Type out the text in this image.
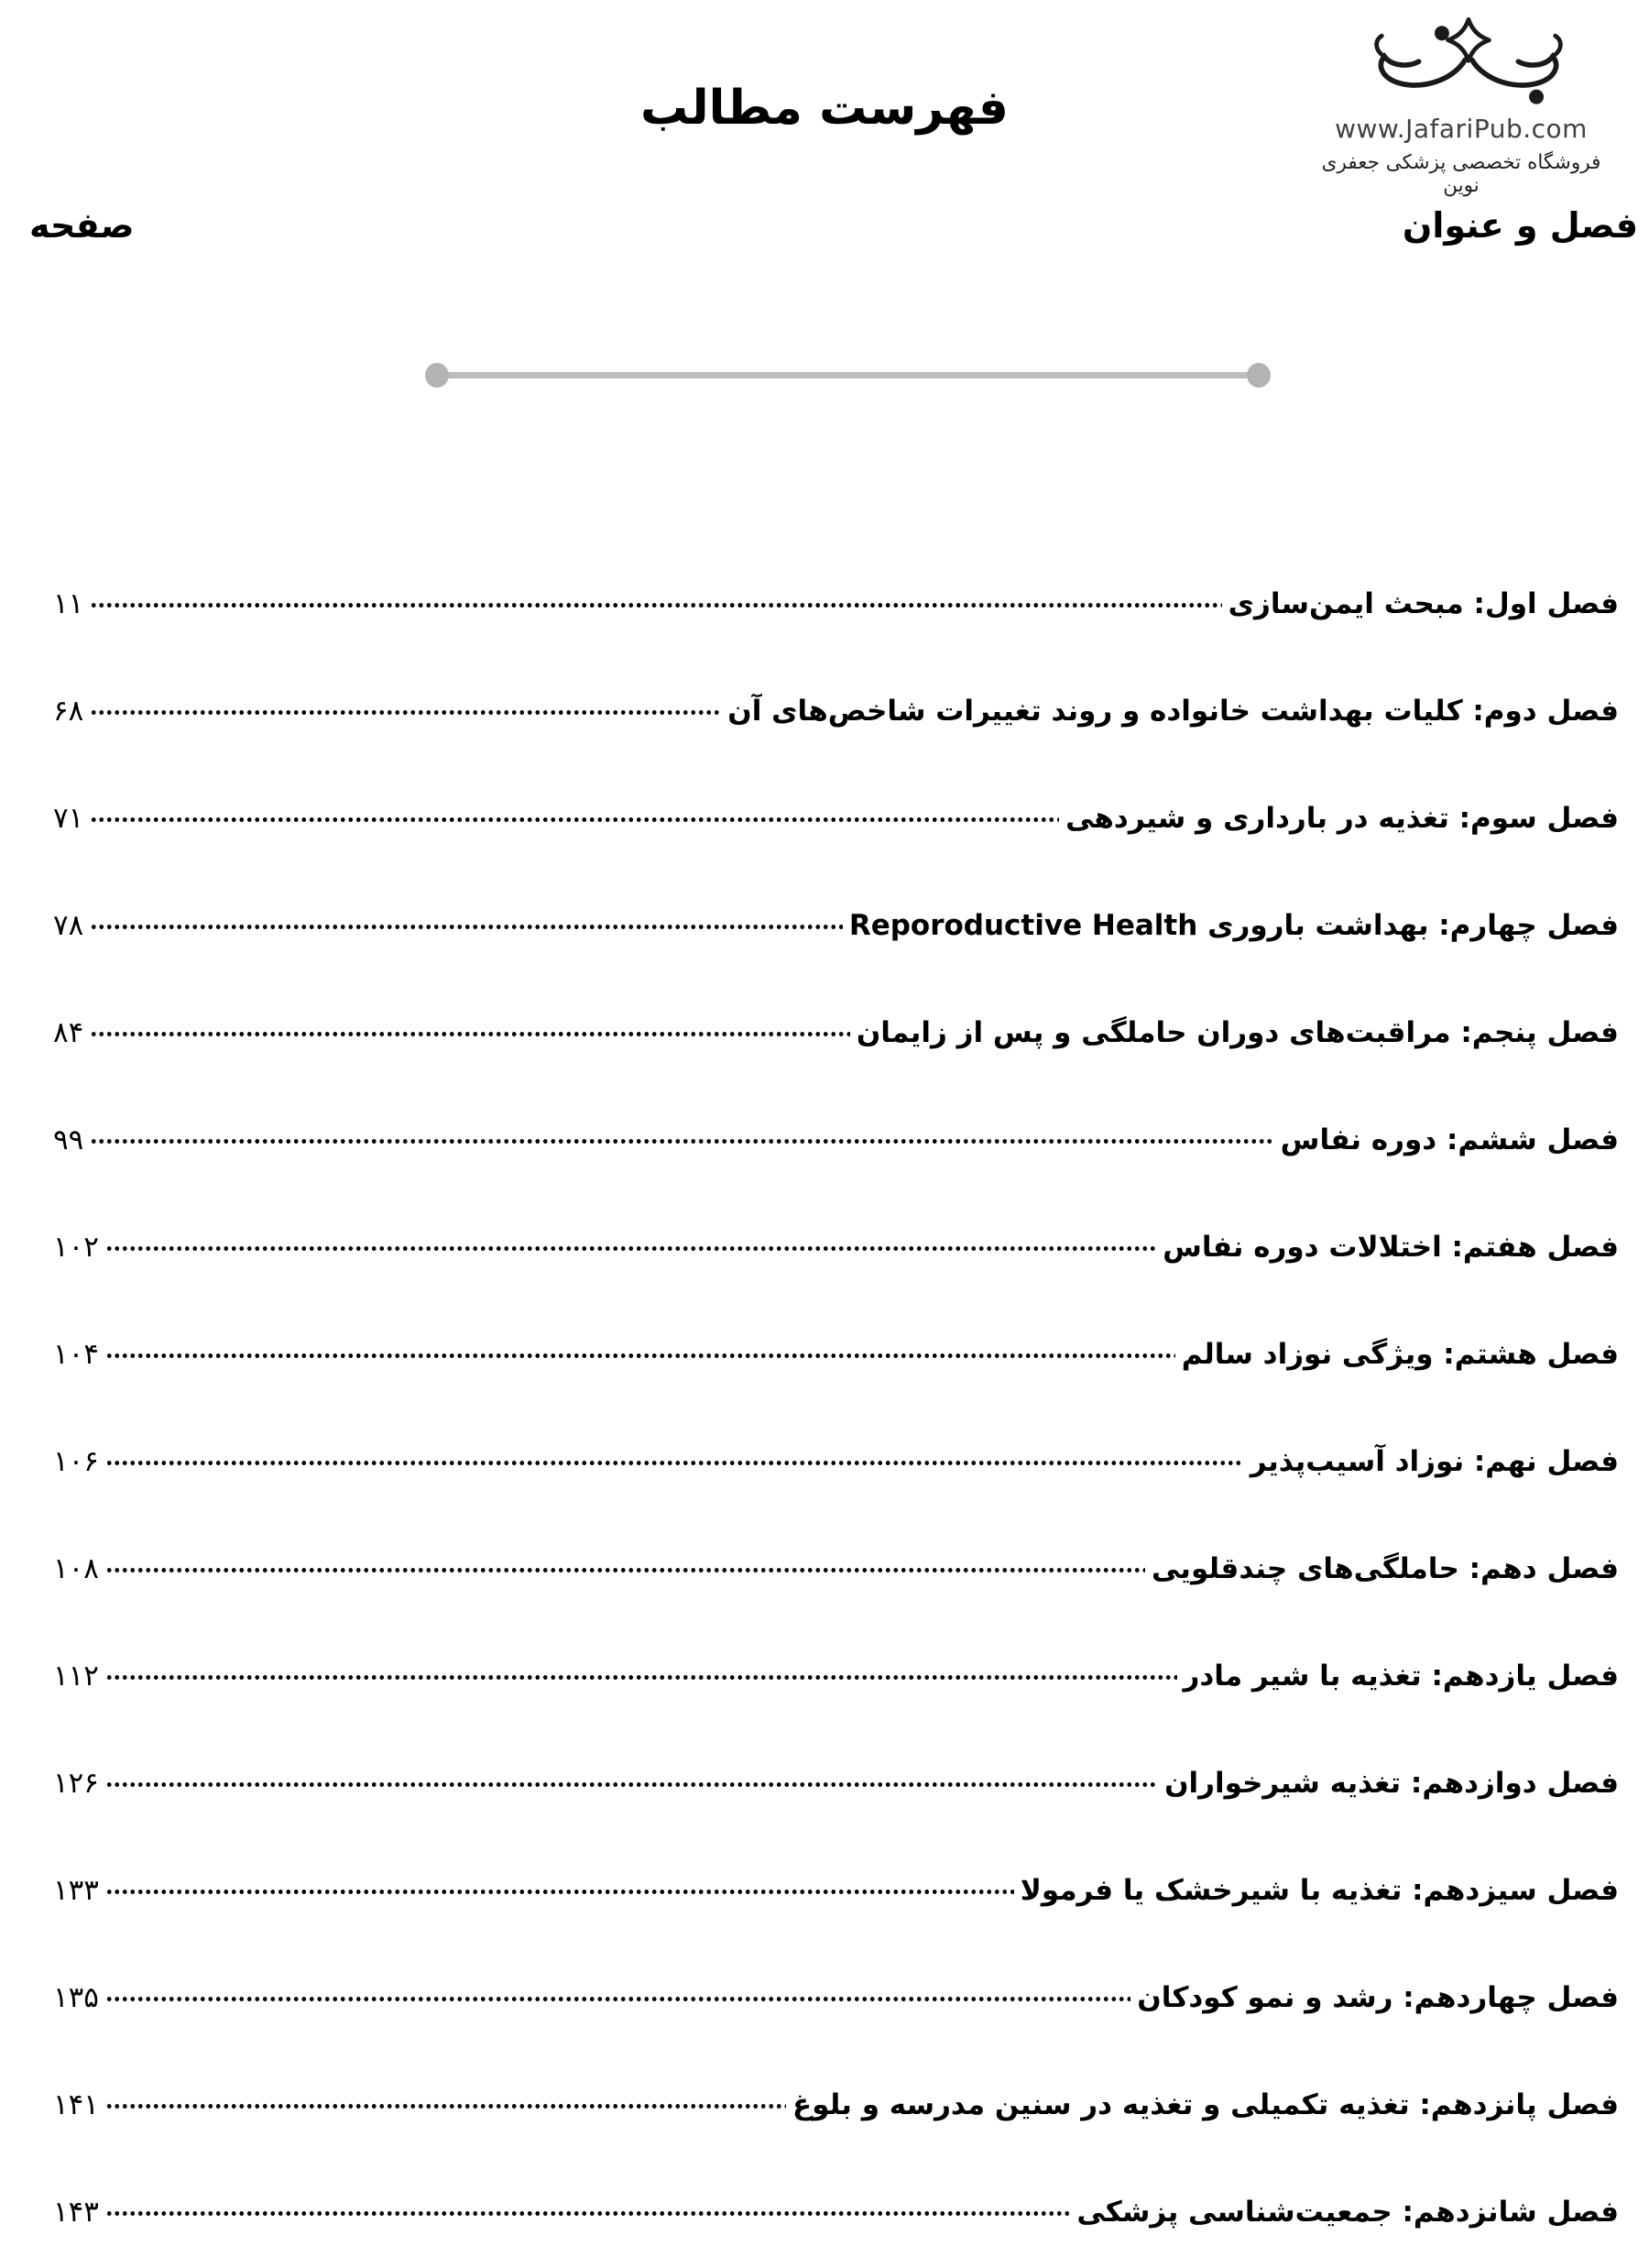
www.JafariPub.com
فروشگاه تخصصی پزشکی جعفری نوین
فهرست مطالب
فصل و عنوان
صفحه
فصل اول: مبحث ایمن‌سازی
۱۱
فصل دوم: کلیات بهداشت خانواده و روند تغییرات شاخص‌های آن
۶۸
فصل سوم: تغذیه در بارداری و شیردهی
۷۱
فصل چهارم: بهداشت باروری Reporoductive Health
۷۸
فصل پنجم: مراقبت‌های دوران حاملگی و پس از زایمان
۸۴
فصل ششم: دوره نفاس
۹۹
فصل هفتم: اختلالات دوره نفاس
۱۰۲
فصل هشتم: ویژگی نوزاد سالم
۱۰۴
فصل نهم: نوزاد آسیب‌پذیر
۱۰۶
فصل دهم: حاملگی‌های چندقلویی
۱۰۸
فصل یازدهم: تغذیه با شیر مادر
۱۱۲
فصل دوازدهم: تغذیه شیرخواران
۱۲۶
فصل سیزدهم: تغذیه با شیرخشک یا فرمولا
۱۳۳
فصل چهاردهم: رشد و نمو کودکان
۱۳۵
فصل پانزدهم: تغذیه تکمیلی و تغذیه در سنین مدرسه و بلوغ
۱۴۱
فصل شانزدهم: جمعیت‌شناسی پزشکی
۱۴۳
